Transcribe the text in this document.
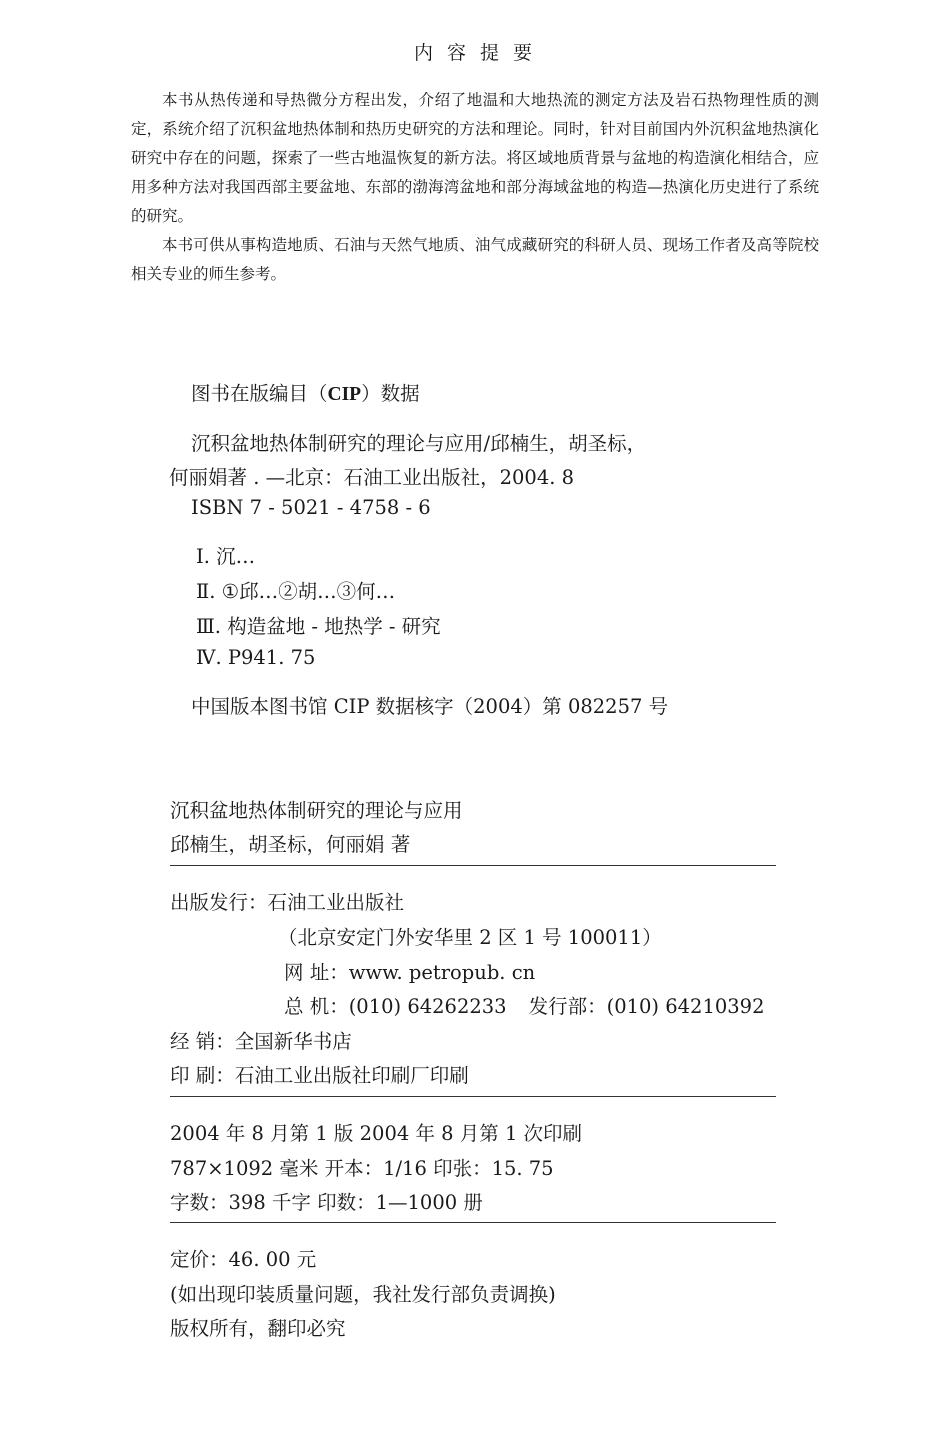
内 容 提 要

本书从热传递和导热微分方程出发，介绍了地温和大地热流的测定方法及岩石热物理性质的测定，系统介绍了沉积盆地热体制和热历史研究的方法和理论。同时，针对目前国内外沉积盆地热演化研究中存在的问题，探索了一些古地温恢复的新方法。将区域地质背景与盆地的构造演化相结合，应用多种方法对我国西部主要盆地、东部的渤海湾盆地和部分海域盆地的构造—热演化历史进行了系统的研究。

本书可供从事构造地质、石油与天然气地质、油气成藏研究的科研人员、现场工作者及高等院校相关专业的师生参考。

图书在版编目（CIP）数据
沉积盆地热体制研究的理论与应用/邱楠生，胡圣标，
何丽娟著 . —北京：石油工业出版社，2004. 8
ISBN 7 - 5021 - 4758 - 6
Ⅰ. 沉…
Ⅱ. ①邱…②胡…③何…
Ⅲ. 构造盆地 - 地热学 - 研究
Ⅳ. P941. 75
中国版本图书馆 CIP 数据核字（2004）第 082257 号
沉积盆地热体制研究的理论与应用
邱楠生，胡圣标，何丽娟 著
出版发行：石油工业出版社
（北京安定门外安华里 2 区 1 号 100011）
网 址：www. petropub. cn
总 机：(010) 64262233 发行部：(010) 64210392
经 销：全国新华书店
印 刷：石油工业出版社印刷厂印刷
2004 年 8 月第 1 版 2004 年 8 月第 1 次印刷
787×1092 毫米 开本：1/16 印张：15. 75
字数：398 千字 印数：1—1000 册
定价：46. 00 元
(如出现印装质量问题，我社发行部负责调换)
版权所有，翻印必究
